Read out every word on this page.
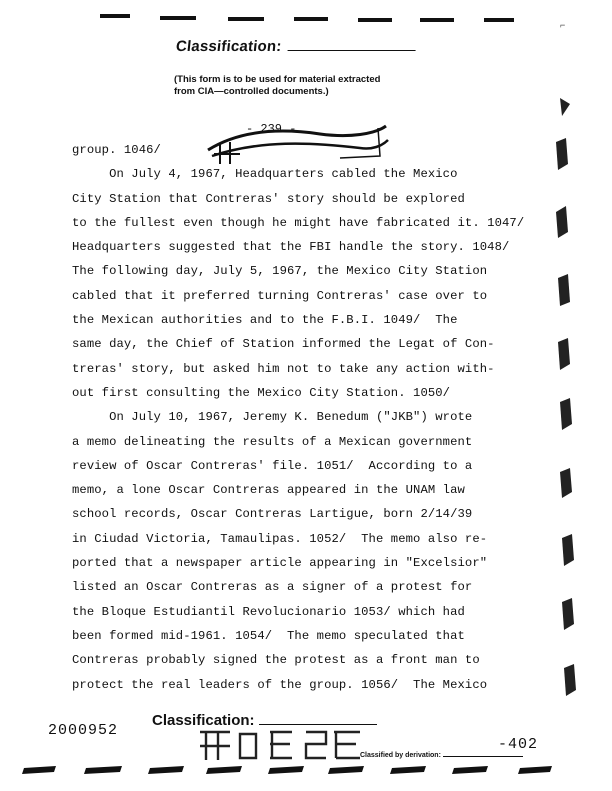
⌐
Classification:
(This form is to be used for material extracted
from CIA—controlled documents.)
- 239 -
group. 1046/
On July 4, 1967, Headquarters cabled the Mexico
City Station that Contreras' story should be explored
to the fullest even though he might have fabricated it. 1047/
Headquarters suggested that the FBI handle the story. 1048/
The following day, July 5, 1967, the Mexico City Station
cabled that it preferred turning Contreras' case over to
the Mexican authorities and to the F.B.I. 1049/  The
same day, the Chief of Station informed the Legat of Con-
treras' story, but asked him not to take any action with-
out first consulting the Mexico City Station. 1050/
On July 10, 1967, Jeremy K. Benedum ("JKB") wrote
a memo delineating the results of a Mexican government
review of Oscar Contreras' file. 1051/  According to a
memo, a lone Oscar Contreras appeared in the UNAM law
school records, Oscar Contreras Lartigue, born 2/14/39
in Ciudad Victoria, Tamaulipas. 1052/  The memo also re-
ported that a newspaper article appearing in "Excelsior"
listed an Oscar Contreras as a signer of a protest for
the Bloque Estudiantil Revolucionario 1053/ which had
been formed mid-1961. 1054/  The memo speculated that
Contreras probably signed the protest as a front man to
protect the real leaders of the group. 1056/  The Mexico
2000952
Classification:
-402
Classified by derivation:
